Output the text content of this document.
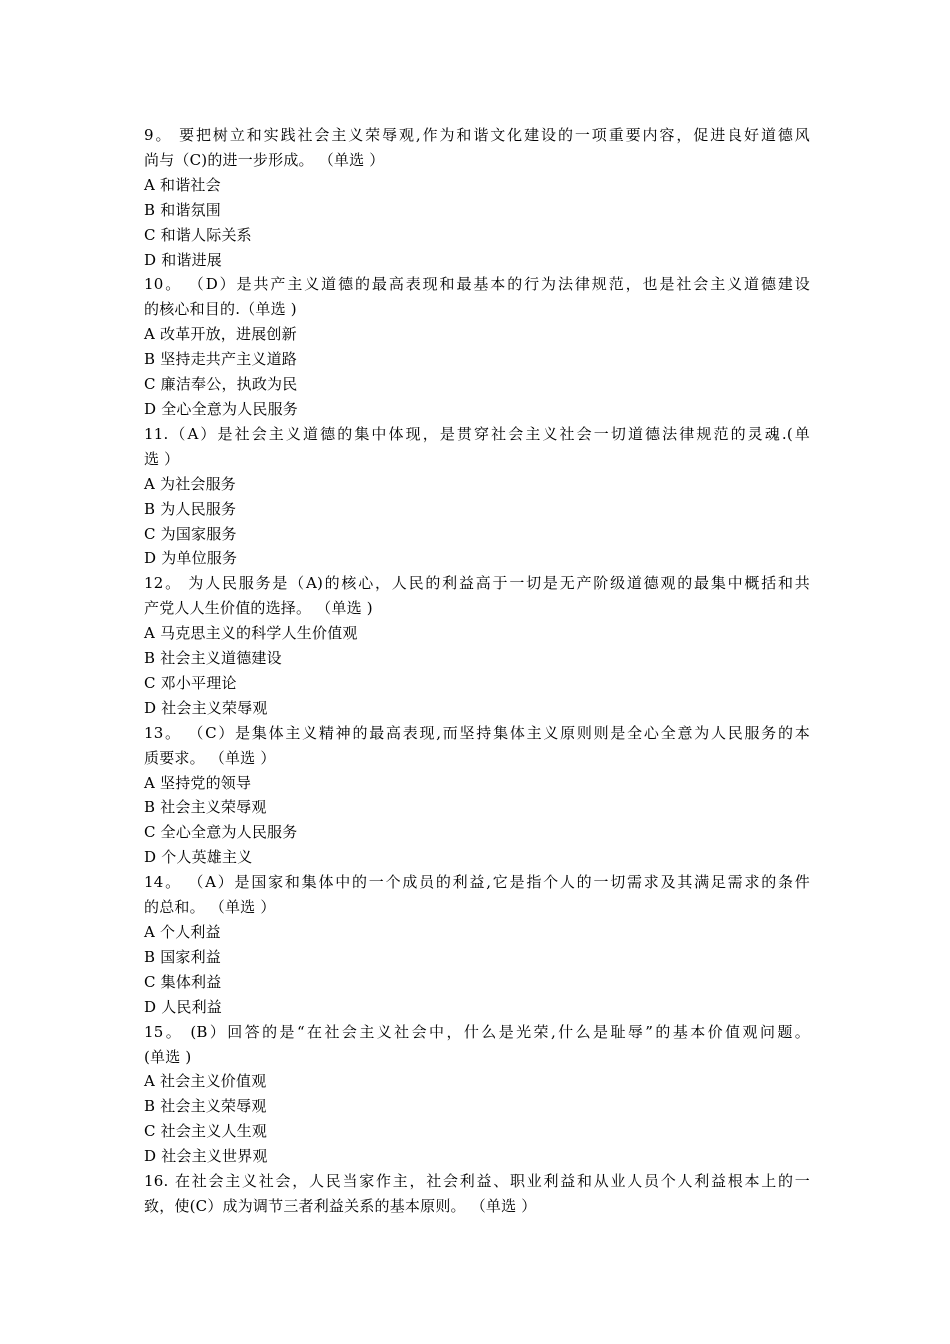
9。 要把树立和实践社会主义荣辱观,作为和谐文化建设的一项重要内容，促进良好道德风

尚与（C)的进一步形成。 （单选 ）

A 和谐社会

B 和谐氛围

C 和谐人际关系

D 和谐进展

10。 （D）是共产主义道德的最高表现和最基本的行为法律规范，也是社会主义道德建设

的核心和目的.（单选 )

A 改革开放，进展创新

B 坚持走共产主义道路

C 廉洁奉公，执政为民

D 全心全意为人民服务

11.（A）是社会主义道德的集中体现，是贯穿社会主义社会一切道德法律规范的灵魂.(单

选 ）

A 为社会服务

B 为人民服务

C 为国家服务

D 为单位服务

12。 为人民服务是（A)的核心，人民的利益高于一切是无产阶级道德观的最集中概括和共

产党人人生价值的选择。 （单选 )

A 马克思主义的科学人生价值观

B 社会主义道德建设

C 邓小平理论

D 社会主义荣辱观

13。 （C）是集体主义精神的最高表现,而坚持集体主义原则则是全心全意为人民服务的本

质要求。 （单选 ）

A 坚持党的领导

B 社会主义荣辱观

C 全心全意为人民服务

D 个人英雄主义

14。 （A）是国家和集体中的一个成员的利益,它是指个人的一切需求及其满足需求的条件

的总和。 （单选 ）

A 个人利益

B 国家利益

C 集体利益

D 人民利益

15。 (B）回答的是“在社会主义社会中，什么是光荣,什么是耻辱”的基本价值观问题。

(单选 )

A 社会主义价值观

B 社会主义荣辱观

C 社会主义人生观

D 社会主义世界观

16. 在社会主义社会，人民当家作主，社会利益、职业利益和从业人员个人利益根本上的一

致，使(C）成为调节三者利益关系的基本原则。 （单选 ）
